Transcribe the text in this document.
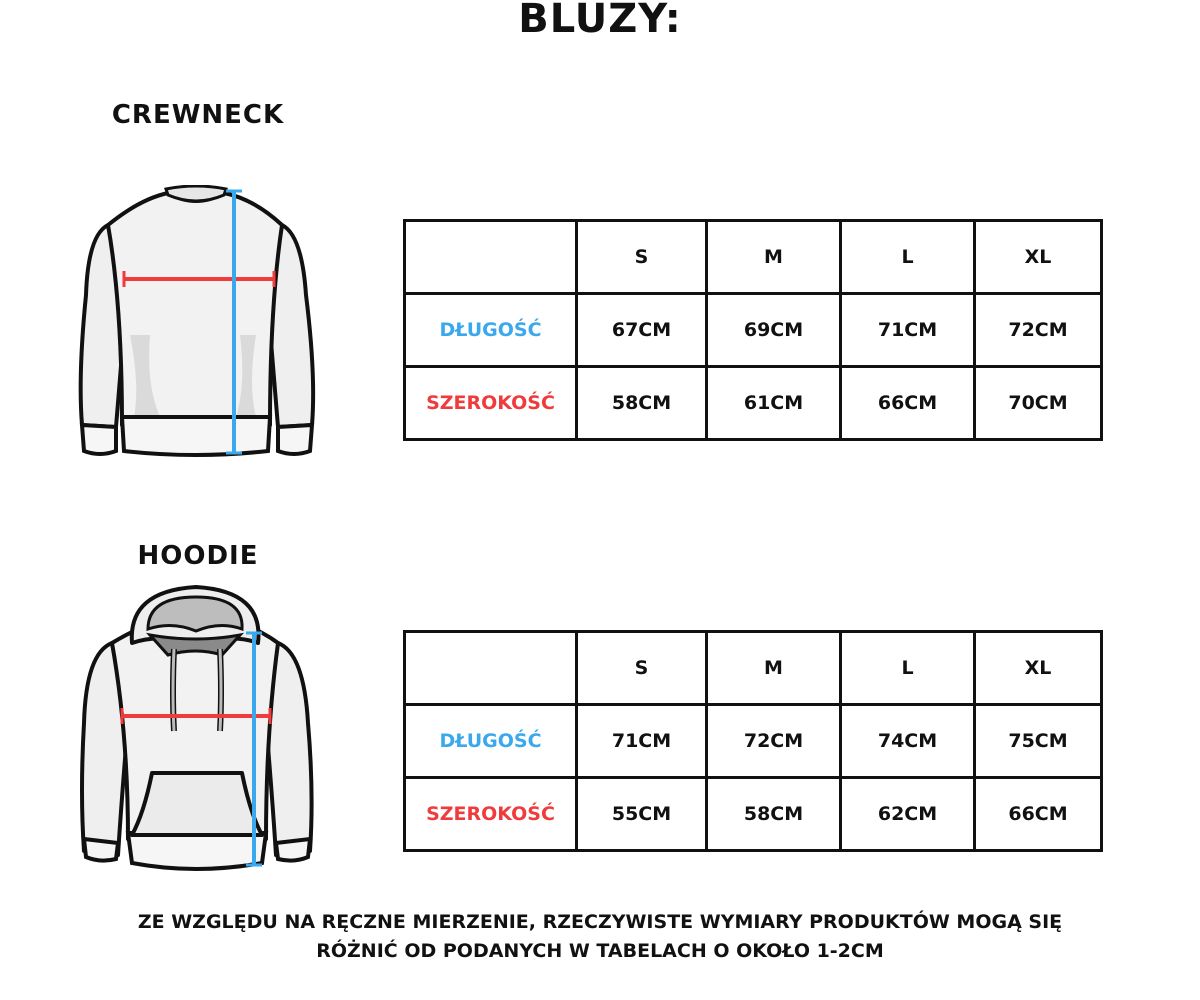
BLUZY:
CREWNECK
	S	M	L	XL
DŁUGOŚĆ	67CM	69CM	71CM	72CM
SZEROKOŚĆ	58CM	61CM	66CM	70CM
HOODIE
	S	M	L	XL
DŁUGOŚĆ	71CM	72CM	74CM	75CM
SZEROKOŚĆ	55CM	58CM	62CM	66CM

ZE WZGLĘDU NA RĘCZNE MIERZENIE, RZECZYWISTE WYMIARY PRODUKTÓW MOGĄ SIĘ RÓŻNIĆ OD PODANYCH W TABELACH O OKOŁO 1-2CM
